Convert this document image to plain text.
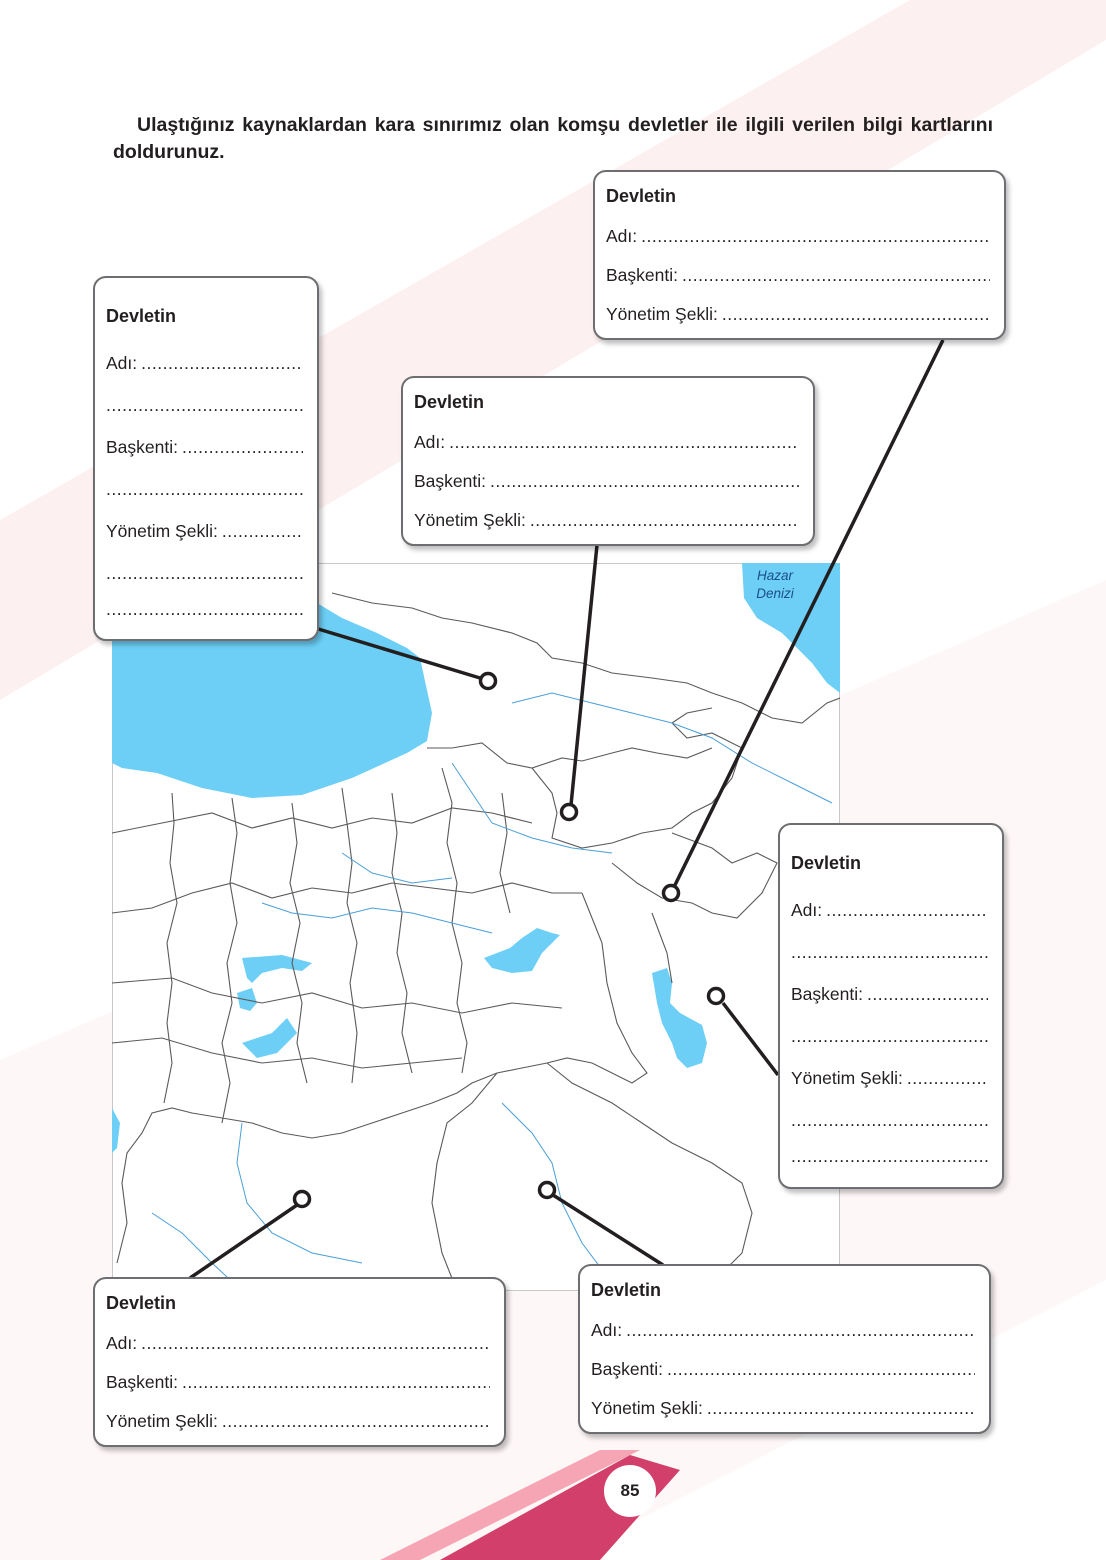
Ulaştığınız kaynaklardan kara sınırımız olan komşu devletler ile ilgili verilen bilgi kartlarını doldurunuz.

Hazar Denizi
Devletin
Adı:
.....
Başkenti:
.....
Yönetim Şekli:
.....
Devletin
Adı:
.....
.....
Başkenti:
.....
.....
Yönetim Şekli:
.....
.....
.....
Devletin
Adı:
.....
Başkenti:
.....
Yönetim Şekli:
.....
Devletin
Adı:
.....
.....
Başkenti:
.....
.....
Yönetim Şekli:
.....
.....
.....
Devletin
Adı:
.....
Başkenti:
.....
Yönetim Şekli:
.....
Devletin
Adı:
.....
Başkenti:
.....
Yönetim Şekli:
.....
85
